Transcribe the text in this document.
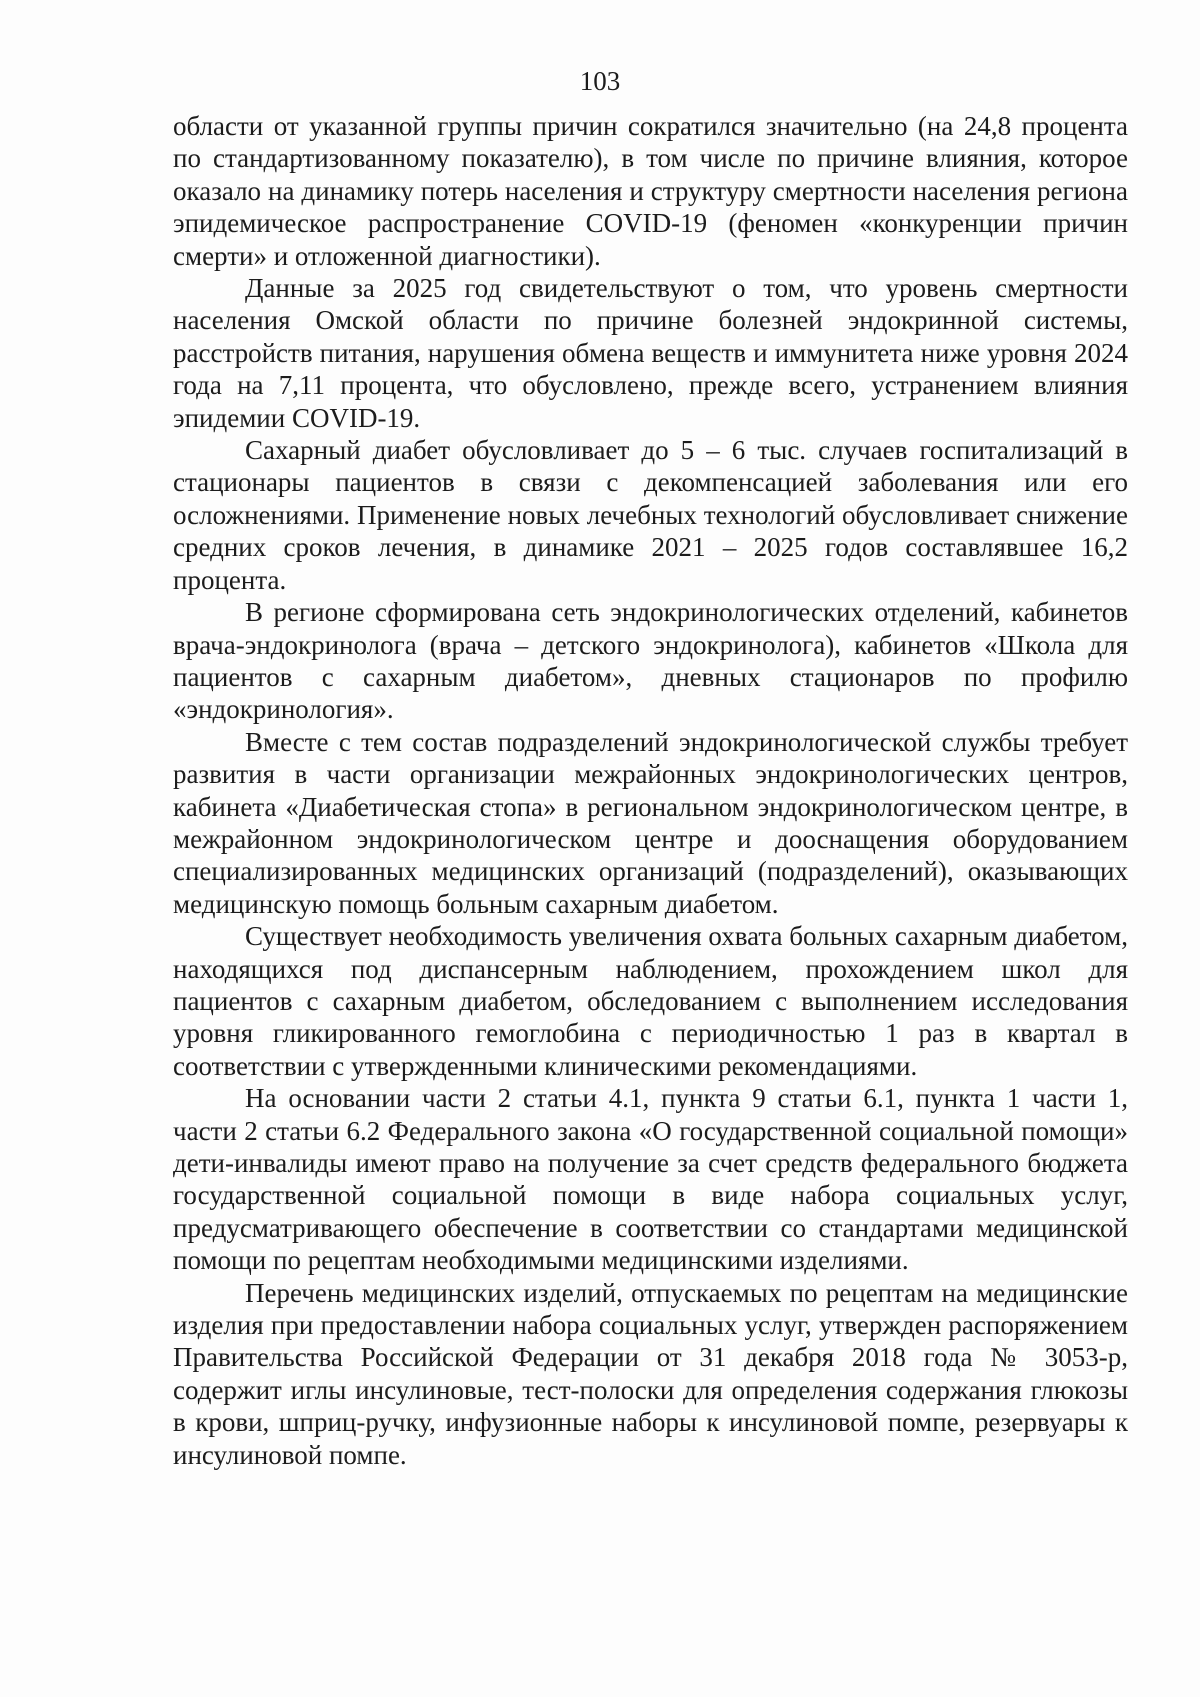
103

области от указанной группы причин сократился значительно (на 24,8 процента по стандартизованному показателю), в том числе по причине влияния, которое оказало на динамику потерь населения и структуру смертности населения региона эпидемическое распространение COVID-19 (феномен «конкуренции причин смерти» и отложенной диагностики).

Данные за 2025 год свидетельствуют о том, что уровень смертности населения Омской области по причине болезней эндокринной системы, расстройств питания, нарушения обмена веществ и иммунитета ниже уровня 2024 года на 7,11 процента, что обусловлено, прежде всего, устранением влияния эпидемии COVID-19.

Сахарный диабет обусловливает до 5 – 6 тыс. случаев госпитализаций в стационары пациентов в связи с декомпенсацией заболевания или его осложнениями. Применение новых лечебных технологий обусловливает снижение средних сроков лечения, в динамике 2021 – 2025 годов составлявшее 16,2 процента.

В регионе сформирована сеть эндокринологических отделений, кабинетов врача-эндокринолога (врача – детского эндокринолога), кабинетов «Школа для пациентов с сахарным диабетом», дневных стационаров по профилю «эндокринология».

Вместе с тем состав подразделений эндокринологической службы требует развития в части организации межрайонных эндокринологических центров, кабинета «Диабетическая стопа» в региональном эндокринологическом центре, в межрайонном эндокринологическом центре и дооснащения оборудованием специализированных медицинских организаций (подразделений), оказывающих медицинскую помощь больным сахарным диабетом.

Существует необходимость увеличения охвата больных сахарным диабетом, находящихся под диспансерным наблюдением, прохождением школ для пациентов с сахарным диабетом, обследованием с выполнением исследования уровня гликированного гемоглобина с периодичностью 1 раз в квартал в соответствии с утвержденными клиническими рекомендациями.

На основании части 2 статьи 4.1, пункта 9 статьи 6.1, пункта 1 части 1, части 2 статьи 6.2 Федерального закона «О государственной социальной помощи» дети-инвалиды имеют право на получение за счет средств федерального бюджета государственной социальной помощи в виде набора социальных услуг, предусматривающего обеспечение в соответствии со стандартами медицинской помощи по рецептам необходимыми медицинскими изделиями.

Перечень медицинских изделий, отпускаемых по рецептам на медицинские изделия при предоставлении набора социальных услуг, утвержден распоряжением Правительства Российской Федерации от 31 декабря 2018 года № 3053-р, содержит иглы инсулиновые, тест-полоски для определения содержания глюкозы в крови, шприц-ручку, инфузионные наборы к инсулиновой помпе, резервуары к инсулиновой помпе.
